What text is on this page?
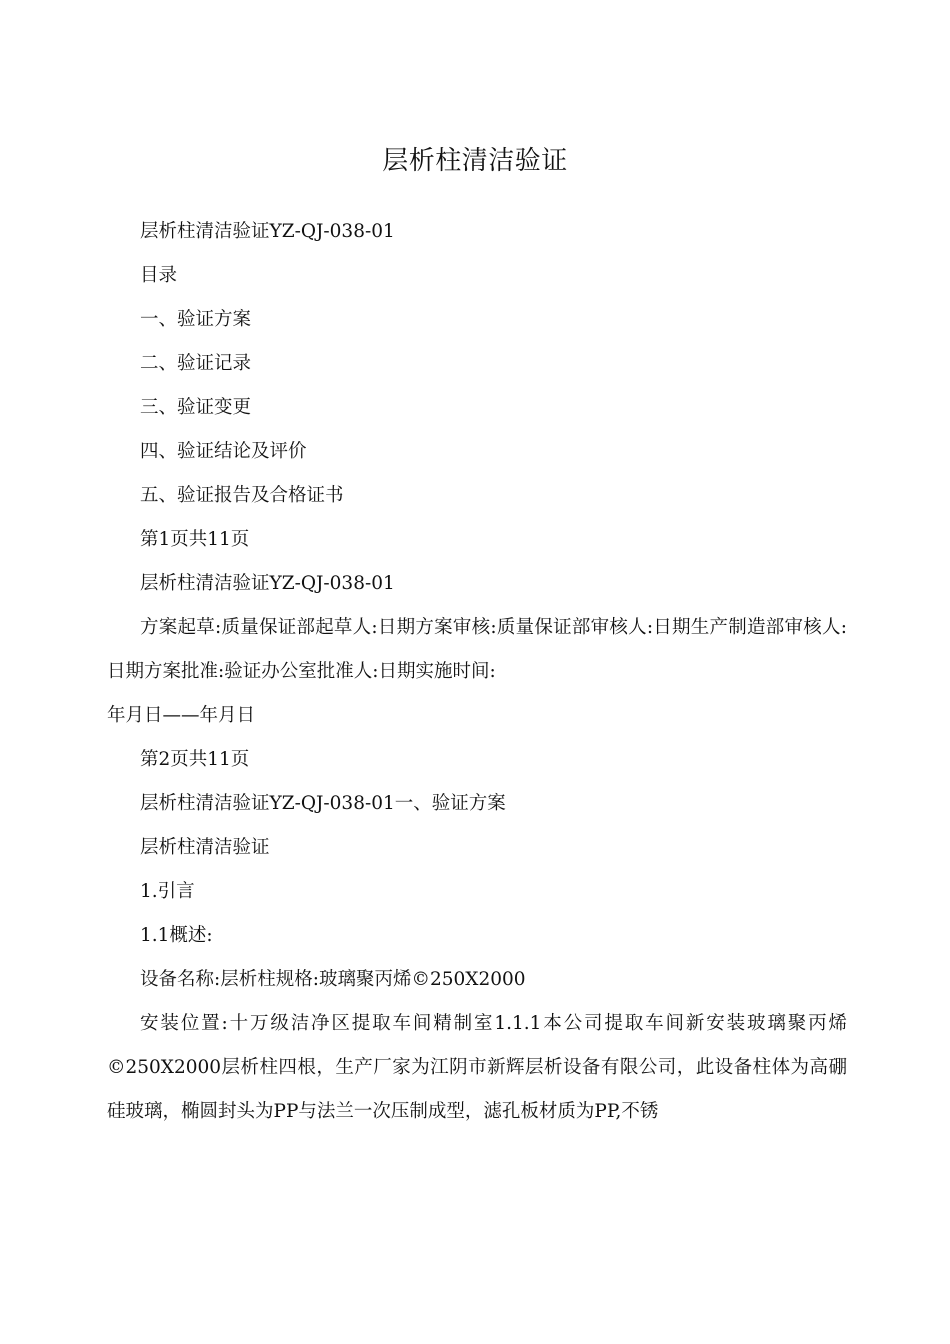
层析柱清洁验证

层析柱清洁验证YZ-QJ-038-01

目录

一、验证方案

二、验证记录

三、验证变更

四、验证结论及评价

五、验证报告及合格证书

第1页共11页

层析柱清洁验证YZ-QJ-038-01

方案起草:质量保证部起草人:日期方案审核:质量保证部审核人:日期生产制造部审核人:日期方案批准:验证办公室批准人:日期实施时间:

年月日——年月日

第2页共11页

层析柱清洁验证YZ-QJ-038-01一、验证方案

层析柱清洁验证

1.引言

1.1概述:

设备名称:层析柱规格:玻璃聚丙烯©250X2000

安装位置:十万级洁净区提取车间精制室1.1.1本公司提取车间新安装玻璃聚丙烯©250X2000层析柱四根，生产厂家为江阴市新辉层析设备有限公司，此设备柱体为高硼硅玻璃，椭圆封头为PP与法兰一次压制成型，滤孔板材质为PP,不锈
